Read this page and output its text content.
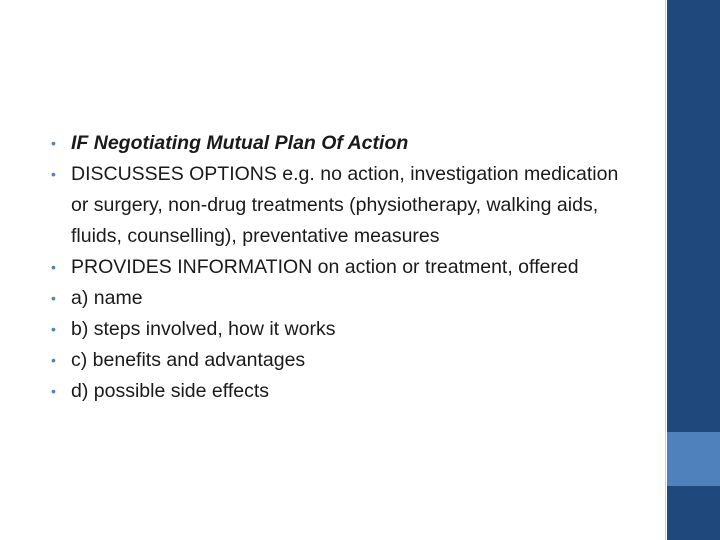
• IF Negotiating Mutual Plan Of Action
• DISCUSSES OPTIONS e.g. no action, investigation medication or surgery, non-drug treatments (physiotherapy, walking aids, fluids, counselling), preventative measures
• PROVIDES INFORMATION on action or treatment, offered
• a) name
• b) steps involved, how it works
• c) benefits and advantages
• d) possible side effects
